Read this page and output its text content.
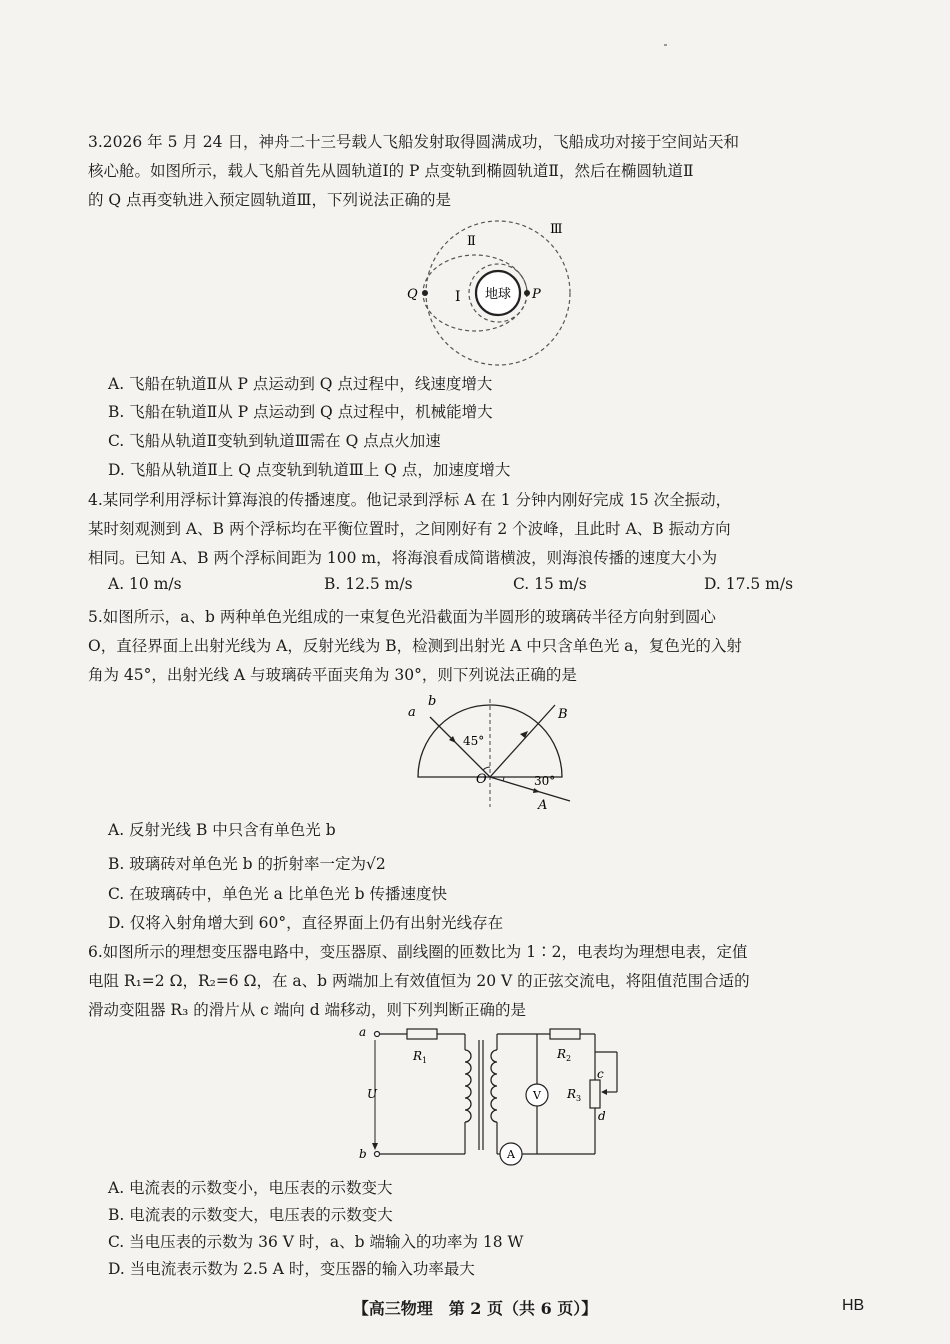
3.2026 年 5 月 24 日，神舟二十三号载人飞船发射取得圆满成功，飞船成功对接于空间站天和

核心舱。如图所示，载人飞船首先从圆轨道Ⅰ的 P 点变轨到椭圆轨道Ⅱ，然后在椭圆轨道Ⅱ

的 Q 点再变轨进入预定圆轨道Ⅲ，下列说法正确的是

地球 P
Q	I
Ⅱ
Ⅲ
A. 飞船在轨道Ⅱ从 P 点运动到 Q 点过程中，线速度增大
B. 飞船在轨道Ⅱ从 P 点运动到 Q 点过程中，机械能增大
C. 飞船从轨道Ⅱ变轨到轨道Ⅲ需在 Q 点点火加速
D. 飞船从轨道Ⅱ上 Q 点变轨到轨道Ⅲ上 Q 点，加速度增大

4.某同学利用浮标计算海浪的传播速度。他记录到浮标 A 在 1 分钟内刚好完成 15 次全振动，

某时刻观测到 A、B 两个浮标均在平衡位置时，之间刚好有 2 个波峰，且此时 A、B 振动方向

相同。已知 A、B 两个浮标间距为 100 m，将海浪看成简谐横波，则海浪传播的速度大小为

A. 10 m/s	B. 12.5 m/s	C. 15 m/s	D. 17.5 m/s

5.如图所示，a、b 两种单色光组成的一束复色光沿截面为半圆形的玻璃砖半径方向射到圆心

O，直径界面上出射光线为 A，反射光线为 B，检测到出射光 A 中只含单色光 a，复色光的入射

角为 45°，出射光线 A 与玻璃砖平面夹角为 30°，则下列说法正确的是

a
b
45°
O	30°
B
A
A. 反射光线 B 中只含有单色光 b
B. 玻璃砖对单色光 b 的折射率一定为√2
C. 在玻璃砖中，单色光 a 比单色光 b 传播速度快
D. 仅将入射角增大到 60°，直径界面上仍有出射光线存在

6.如图所示的理想变压器电路中，变压器原、副线圈的匝数比为 1∶2，电表均为理想电表，定值

电阻 R₁=2 Ω，R₂=6 Ω，在 a、b 两端加上有效值恒为 20 V 的正弦交流电，将阻值范围合适的

滑动变阻器 R₃ 的滑片从 c 端向 d 端移动，则下列判断正确的是

a
b
U
$R_1$	$R_2$
$R_3$
c
d
V
A
A. 电流表的示数变小，电压表的示数变大
B. 电流表的示数变大，电压表的示数变大
C. 当电压表的示数为 36 V 时，a、b 端输入的功率为 18 W
D. 当电流表示数为 2.5 A 时，变压器的输入功率最大
【高三物理　第 2 页（共 6 页）】	HB
